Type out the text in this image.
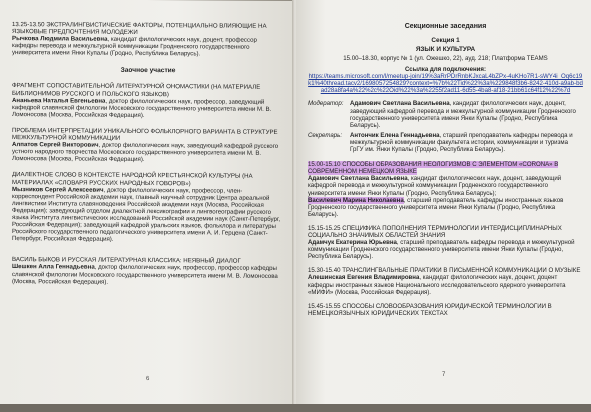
13.25-13.50 ЭКСТРАЛИНГВИСТИЧЕСКИЕ ФАКТОРЫ, ПОТЕНЦИАЛЬНО ВЛИЯЮЩИЕ НА ЯЗЫКОВЫЕ ПРЕДПОЧТЕНИЯ МОЛОДЕЖИ
Рычкова Людмила Васильевна, кандидат филологических наук, доцент, профессор кафедры перевода и межкультурной коммуникации Гродненского государственного университета имени Янки Купалы (Гродно, Республика Беларусь).
Заочное участие
ФРАГМЕНТ СОПОСТАВИТЕЛЬНОЙ ЛИТЕРАТУРНОЙ ОНОМАСТИКИ (НА МАТЕРИАЛЕ БИБЛИОНИМОВ РУССКОГО И ПОЛЬСКОГО ЯЗЫКОВ)
Ананьева Наталья Евгеньевна, доктор филологических наук, профессор, заведующий кафедрой славянской филологии Московского государственного университета имени М. В. Ломоносова (Москва, Российская Федерация).
ПРОБЛЕМА ИНТЕРПРЕТАЦИИ УНИКАЛЬНОГО ФОЛЬКЛОРНОГО ВАРИАНТА В СТРУКТУРЕ МЕЖКУЛЬТУРНОЙ КОММУНИКАЦИИ
Алпатов Сергей Викторович, доктор филологических наук, заведующий кафедрой русского устного народного творчества Московского государственного университета имени М. В. Ломоносова (Москва, Российская Федерация).
ДИАЛЕКТНОЕ СЛОВО В КОНТЕКСТЕ НАРОДНОЙ КРЕСТЬЯНСКОЙ КУЛЬТУРЫ (НА МАТЕРИАЛАХ «СЛОВАРЯ РУССКИХ НАРОДНЫХ ГОВОРОВ»)
Мызников Сергей Алексеевич, доктор филологических наук, профессор, член-корреспондент Российской академии наук, главный научный сотрудник Центра ареальной лингвистики Института славяноведения Российской академии наук (Москва, Российская Федерация); заведующий отделом диалектной лексикографии и лингвогеографии русского языка Института лингвистических исследований Российской академии наук (Санкт-Петербург, Российская Федерация); заведующий кафедрой уральских языков, фольклора и литературы Российского государственного педагогического университета имени А. И. Герцена (Санкт-Петербург, Российская Федерация).
ВАСИЛЬ БЫКОВ И РУССКАЯ ЛИТЕРАТУРНАЯ КЛАССИКА: НЕЯВНЫЙ ДИАЛОГ
Шешкен Алла Геннадьевна, доктор филологических наук, профессор, профессор кафедры славянской филологии Московского государственного университета имени М. В. Ломоносова (Москва, Российская Федерация).
6
Секционные заседания
Секция 1
ЯЗЫК И КУЛЬТУРА
15.00–18.30, корпус № 1 (ул. Ожешко, 22), ауд. 218; Платформа TEAMS
Ссылка для подключения:
https://teams.microsoft.com/l/meetup-join/19%3aRrPDrRnbKJxcaL4bZPx-4uKHo7R1-sWY4i_Oq6c19k1%40thread.tacv2/1698057254829?context=%7b%22Tid%22%3a%229848f3b6-8242-410d-a9ab-bdad28a8fa4a%22%2c%22Oid%22%3a%2255f2ad11-6d55-4ba8-af18-21bb61c64f12%22%7d
Модератор:	Адамович Светлана Васильевна, кандидат филологических наук, доцент, заведующий кафедрой перевода и межкультурной коммуникации Гродненского государственного университета имени Янки Купалы (Гродно, Республика Беларусь).
Секретарь:	Антончик Елена Геннадьевна, старший преподаватель кафедры перевода и межкультурной коммуникации факультета истории, коммуникации и туризма ГрГУ им. Янки Купалы (Гродно, Республика Беларусь).
15.00-15.10 СПОСОБЫ ОБРАЗОВАНИЯ НЕОЛОГИЗМОВ С ЭЛЕМЕНТОМ «CORONA» В СОВРЕМЕННОМ НЕМЕЦКОМ ЯЗЫКЕ
Адамович Светлана Васильевна, кандидат филологических наук, доцент, заведующий кафедрой перевода и межкультурной коммуникации Гродненского государственного университета имени Янки Купалы (Гродно, Республика Беларусь);
Василевич Марина Николаевна, старший преподаватель кафедры иностранных языков Гродненского государственного университета имени Янки Купалы (Гродно, Республика Беларусь).
15.15-15.25 СПЕЦИФИКА ПОПОЛНЕНИЯ ТЕРМИНОЛОГИИ ИНТЕРДИСЦИПЛИНАРНЫХ СОЦИАЛЬНО ЗНАЧИМЫХ ОБЛАСТЕЙ ЗНАНИЯ
Адамчук Екатерина Юрьевна, старший преподаватель кафедры перевода и межкультурной коммуникации Гродненского государственного университета имени Янки Купалы (Гродно, Республика Беларусь).
15.30-15.40 ТРАНСЛИНГВАЛЬНЫЕ ПРАКТИКИ В ПИСЬМЕННОЙ КОММУНИКАЦИИ О МУЗЫКЕ
Алешинская Евгения Владимировна, кандидат филологических наук, доцент, доцент кафедры иностранных языков Национального исследовательского ядерного университета «МИФИ» (Москва, Российская Федерация).
15.45-15.55 СПОСОБЫ СЛОВООБРАЗОВАНИЯ ЮРИДИЧЕСКОЙ ТЕРМИНОЛОГИИ В НЕМЕЦКОЯЗЫЧНЫХ ЮРИДИЧЕСКИХ ТЕКСТАХ
7
